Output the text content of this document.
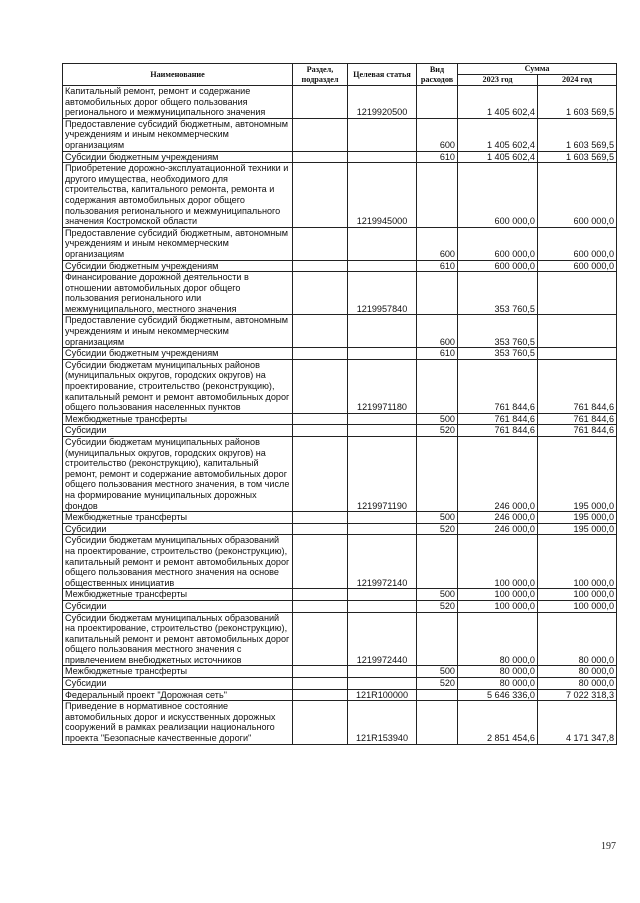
Наименование	Раздел, подраздел	Целевая статья	Вид расходов	Сумма	
				2023 год	2024 год
Капитальный ремонт, ремонт и содержание автомобильных дорог общего пользования регионального и межмуниципального значения		1219920500		1 405 602,4	1 603 569,5
Предоставление субсидий бюджетным, автономным учреждениям и иным некоммерческим организациям			600	1 405 602,4	1 603 569,5
Субсидии бюджетным учреждениям			610	1 405 602,4	1 603 569,5
Приобретение дорожно-эксплуатационной техники и другого имущества, необходимого для строительства, капитального ремонта, ремонта и содержания автомобильных дорог общего пользования регионального и межмуниципального значения Костромской области		1219945000		600 000,0	600 000,0
Предоставление субсидий бюджетным, автономным учреждениям и иным некоммерческим организациям			600	600 000,0	600 000,0
Субсидии бюджетным учреждениям			610	600 000,0	600 000,0
Финансирование дорожной деятельности в отношении автомобильных дорог общего пользования регионального или межмуниципального, местного значения		1219957840		353 760,5	
Предоставление субсидий бюджетным, автономным учреждениям и иным некоммерческим организациям			600	353 760,5	
Субсидии бюджетным учреждениям			610	353 760,5	
Субсидии бюджетам муниципальных районов (муниципальных округов, городских округов) на проектирование, строительство (реконструкцию), капитальный ремонт и ремонт автомобильных дорог общего пользования населенных пунктов		1219971180		761 844,6	761 844,6
Межбюджетные трансферты			500	761 844,6	761 844,6
Субсидии			520	761 844,6	761 844,6
Субсидии бюджетам муниципальных районов (муниципальных округов, городских округов) на строительство (реконструкцию), капитальный ремонт, ремонт и содержание автомобильных дорог общего пользования местного значения, в том числе на формирование муниципальных дорожных фондов		1219971190		246 000,0	195 000,0
Межбюджетные трансферты			500	246 000,0	195 000,0
Субсидии			520	246 000,0	195 000,0
Субсидии бюджетам муниципальных образований на проектирование, строительство (реконструкцию), капитальный ремонт и ремонт автомобильных дорог общего пользования местного значения на основе общественных инициатив		1219972140		100 000,0	100 000,0
Межбюджетные трансферты			500	100 000,0	100 000,0
Субсидии			520	100 000,0	100 000,0
Субсидии бюджетам муниципальных образований на проектирование, строительство (реконструкцию), капитальный ремонт и ремонт автомобильных дорог общего пользования местного значения с привлечением внебюджетных источников		1219972440		80 000,0	80 000,0
Межбюджетные трансферты			500	80 000,0	80 000,0
Субсидии			520	80 000,0	80 000,0
Федеральный проект "Дорожная сеть"		121R100000		5 646 336,0	7 022 318,3
Приведение в нормативное состояние автомобильных дорог и искусственных дорожных сооружений в рамках реализации национального проекта "Безопасные качественные дороги"		121R153940		2 851 454,6	4 171 347,8
197
